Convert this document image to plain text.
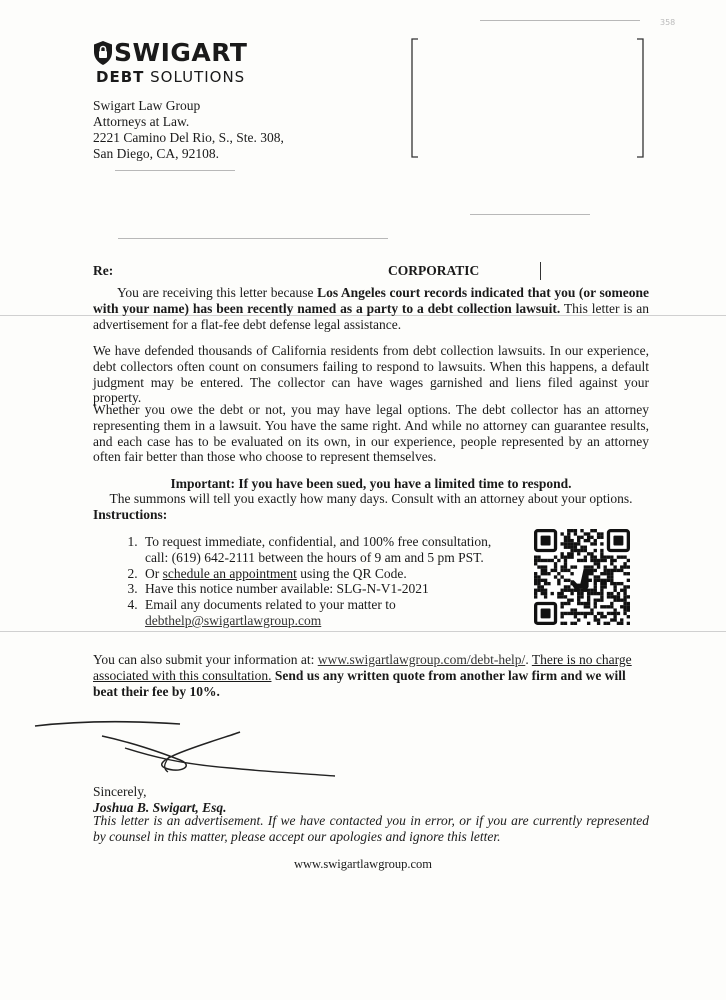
358
SWIGART
DEBT SOLUTIONS
Swigart Law Group
Attorneys at Law.
2221 Camino Del Rio, S., Ste. 308,
San Diego, CA, 92108.
Re:	CORPORATIC
You are receiving this letter because Los Angeles court records indicated that you (or someone with your name) has been recently named as a party to a debt collection lawsuit. This letter is an advertisement for a flat-fee debt defense legal assistance.
We have defended thousands of California residents from debt collection lawsuits. In our experience, debt collectors often count on consumers failing to respond to lawsuits. When this happens, a default judgment may be entered. The collector can have wages garnished and liens filed against your property.
Whether you owe the debt or not, you may have legal options. The debt collector has an attorney representing them in a lawsuit. You have the same right. And while no attorney can guarantee results, and each case has to be evaluated on its own, in our experience, people represented by an attorney often fair better than those who choose to represent themselves.
Important: If you have been sued, you have a limited time to respond.
The summons will tell you exactly how many days. Consult with an attorney about your options.
Instructions:
1. To request immediate, confidential, and 100% free consultation, call: (619) 642-2111 between the hours of 9 am and 5 pm PST.
2. Or schedule an appointment using the QR Code.
3. Have this notice number available: SLG-N-V1-2021
4. Email any documents related to your matter to
debthelp@swigartlawgroup.com
You can also submit your information at: www.swigartlawgroup.com/debt-help/. There is no charge associated with this consultation. Send us any written quote from another law firm and we will beat their fee by 10%.
Sincerely,
Joshua B. Swigart, Esq.
This letter is an advertisement. If we have contacted you in error, or if you are currently represented by counsel in this matter, please accept our apologies and ignore this letter.
www.swigartlawgroup.com
